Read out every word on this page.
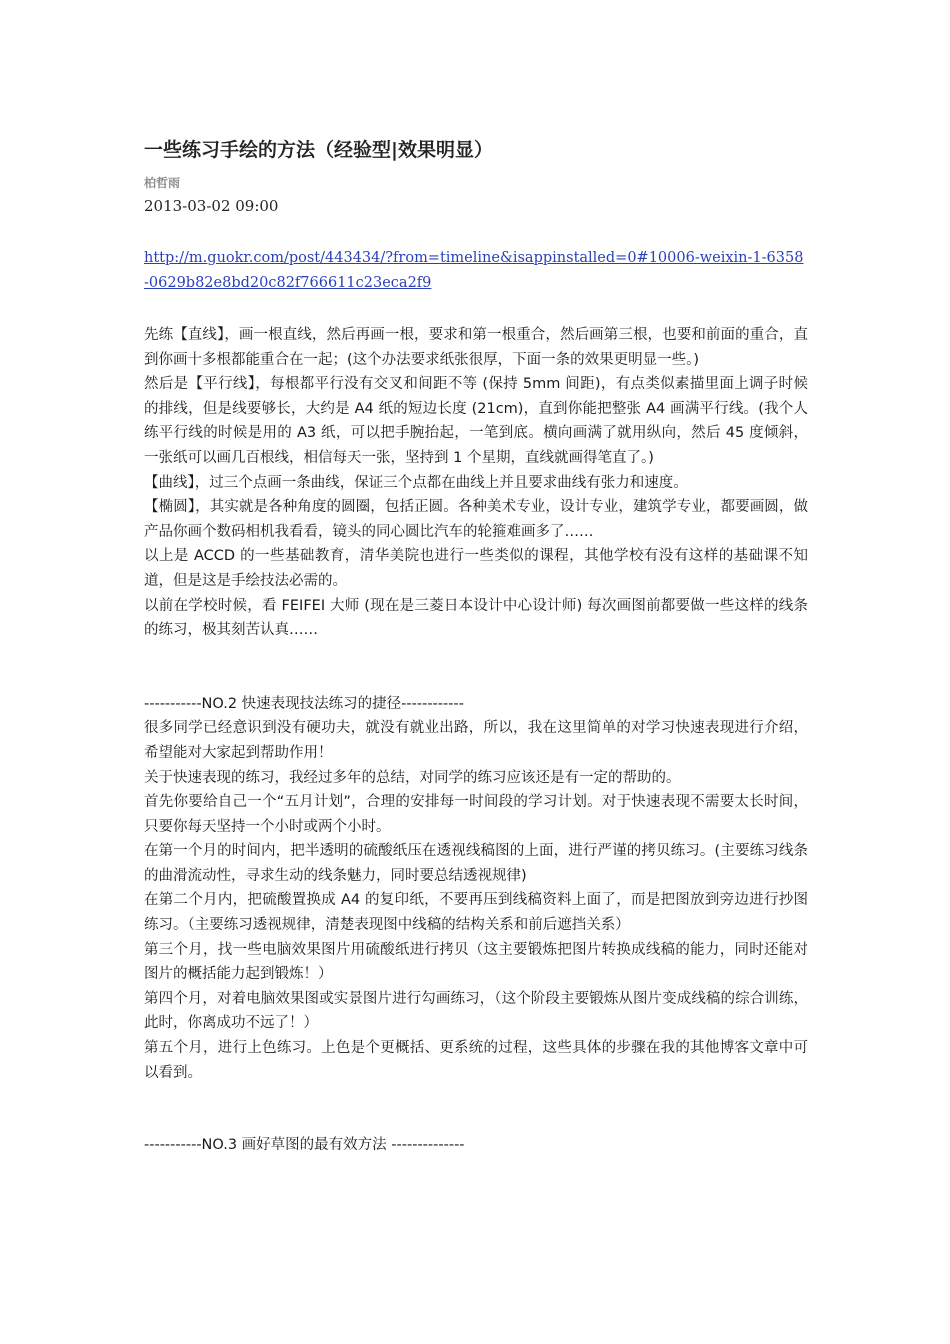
一些练习手绘的方法（经验型|效果明显）
柏哲雨
2013-03-02 09:00
http://m.guokr.com/post/443434/?from=timeline&isappinstalled=0#10006-weixin-1-6358-0629b82e8bd20c82f766611c23eca2f9

先练【直线】，画一根直线，然后再画一根，要求和第一根重合，然后画第三根，也要和前面的重合，直到你画十多根都能重合在一起；(这个办法要求纸张很厚，下面一条的效果更明显一些。)

然后是【平行线】，每根都平行没有交叉和间距不等 (保持 5mm 间距)，有点类似素描里面上调子时候的排线，但是线要够长，大约是 A4 纸的短边长度 (21cm)，直到你能把整张 A4 画满平行线。(我个人练平行线的时候是用的 A3 纸，可以把手腕抬起，一笔到底。横向画满了就用纵向，然后 45 度倾斜，一张纸可以画几百根线，相信每天一张，坚持到 1 个星期，直线就画得笔直了。)

【曲线】，过三个点画一条曲线，保证三个点都在曲线上并且要求曲线有张力和速度。

【椭圆】，其实就是各种角度的圆圈，包括正圆。各种美术专业，设计专业，建筑学专业，都要画圆，做产品你画个数码相机我看看，镜头的同心圆比汽车的轮箍难画多了……

以上是 ACCD 的一些基础教育，清华美院也进行一些类似的课程，其他学校有没有这样的基础课不知道，但是这是手绘技法必需的。

以前在学校时候，看 FEIFEI 大师 (现在是三菱日本设计中心设计师) 每次画图前都要做一些这样的线条的练习，极其刻苦认真……

-----------NO.2 快速表现技法练习的捷径------------

很多同学已经意识到没有硬功夫，就没有就业出路，所以，我在这里简单的对学习快速表现进行介绍，希望能对大家起到帮助作用！

关于快速表现的练习，我经过多年的总结，对同学的练习应该还是有一定的帮助的。

首先你要给自己一个“五月计划”，合理的安排每一时间段的学习计划。对于快速表现不需要太长时间，只要你每天坚持一个小时或两个小时。

在第一个月的时间内，把半透明的硫酸纸压在透视线稿图的上面，进行严谨的拷贝练习。(主要练习线条的曲滑流动性，寻求生动的线条魅力，同时要总结透视规律)

在第二个月内，把硫酸置换成 A4 的复印纸，不要再压到线稿资料上面了，而是把图放到旁边进行抄图练习。（主要练习透视规律，清楚表现图中线稿的结构关系和前后遮挡关系）

第三个月，找一些电脑效果图片用硫酸纸进行拷贝（这主要锻炼把图片转换成线稿的能力，同时还能对图片的概括能力起到锻炼！）

第四个月，对着电脑效果图或实景图片进行勾画练习，（这个阶段主要锻炼从图片变成线稿的综合训练，此时，你离成功不远了！）

第五个月，进行上色练习。上色是个更概括、更系统的过程，这些具体的步骤在我的其他博客文章中可以看到。

-----------NO.3 画好草图的最有效方法 --------------
